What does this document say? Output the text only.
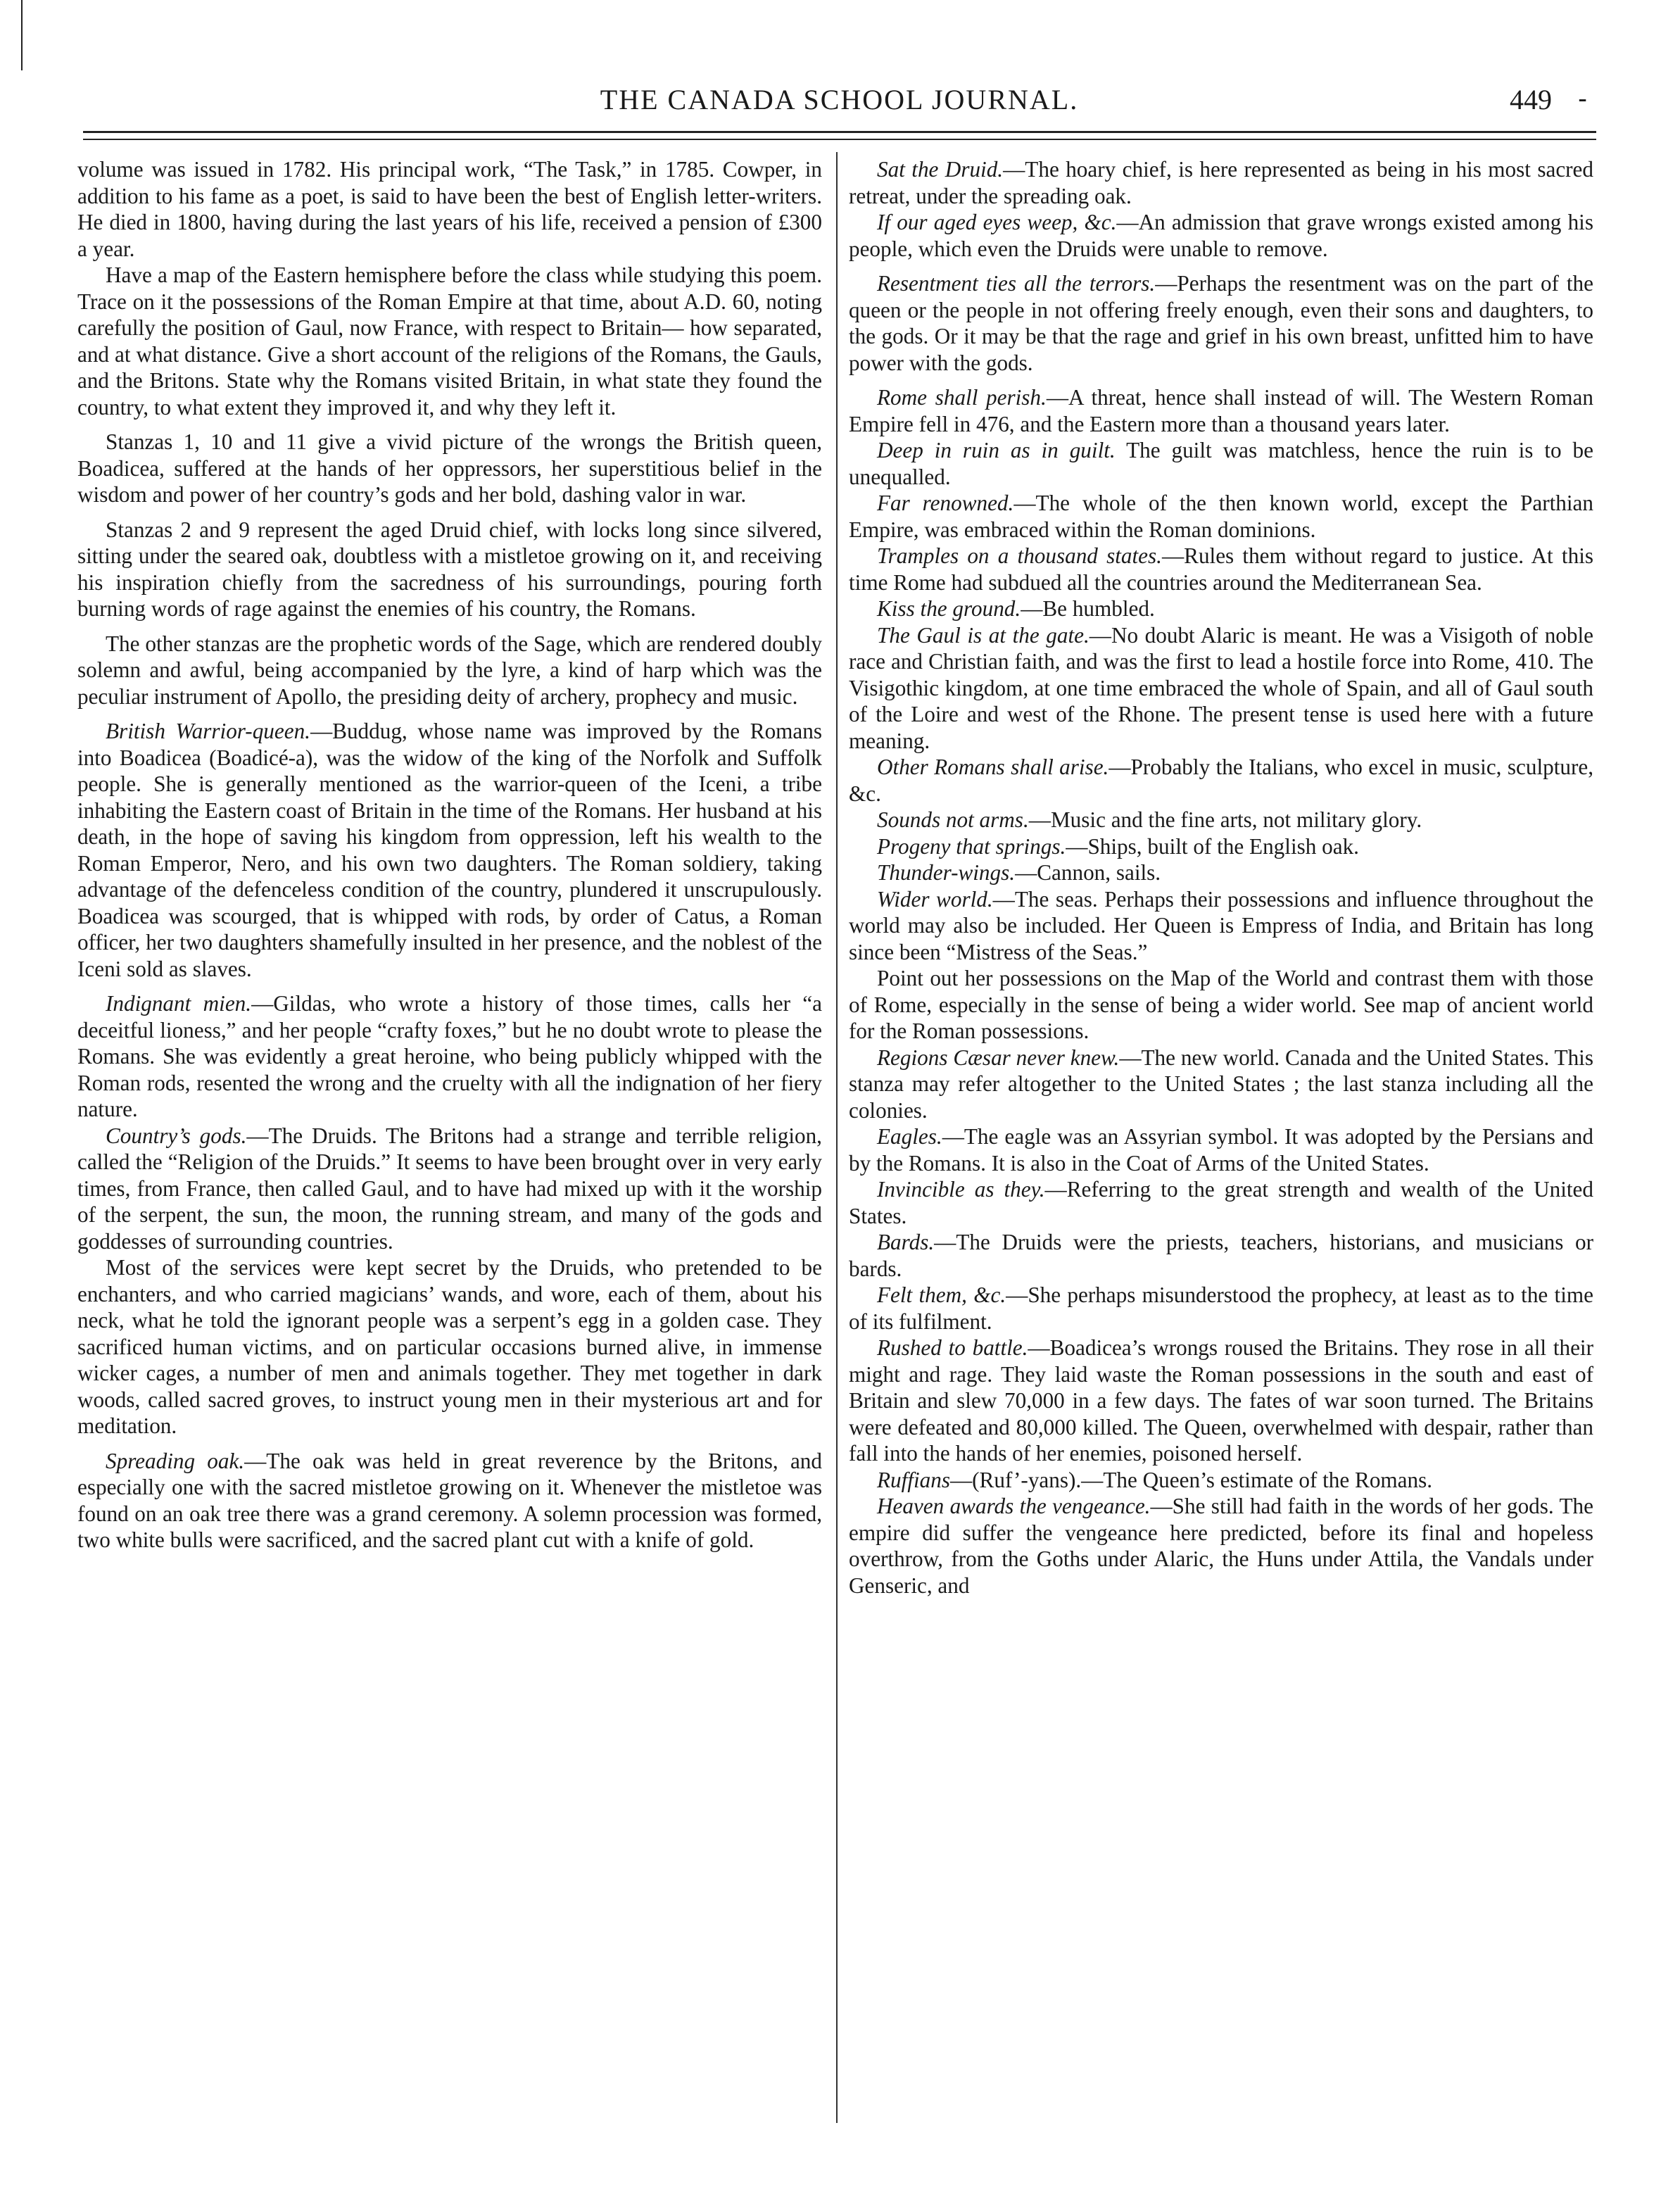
THE CANADA SCHOOL JOURNAL.	449 -

volume was issued in 1782. His principal work, “The Task,” in 1785. Cowper, in addition to his fame as a poet, is said to have been the best of English letter-writers. He died in 1800, having during the last years of his life, received a pension of £300 a year.

Have a map of the Eastern hemisphere before the class while studying this poem. Trace on it the possessions of the Roman Empire at that time, about A.D. 60, noting carefully the position of Gaul, now France, with respect to Britain— how separated, and at what distance. Give a short account of the religions of the Romans, the Gauls, and the Britons. State why the Romans visited Britain, in what state they found the country, to what extent they improved it, and why they left it.

Stanzas 1, 10 and 11 give a vivid picture of the wrongs the British queen, Boadicea, suffered at the hands of her oppressors, her superstitious belief in the wisdom and power of her country’s gods and her bold, dashing valor in war.

Stanzas 2 and 9 represent the aged Druid chief, with locks long since silvered, sitting under the seared oak, doubtless with a mistletoe growing on it, and receiving his inspiration chiefly from the sacredness of his surroundings, pouring forth burning words of rage against the enemies of his country, the Romans.

The other stanzas are the prophetic words of the Sage, which are rendered doubly solemn and awful, being accompanied by the lyre, a kind of harp which was the peculiar instrument of Apollo, the presiding deity of archery, prophecy and music.

British Warrior-queen.—Buddug, whose name was improved by the Romans into Boadicea (Boadicé-a), was the widow of the king of the Norfolk and Suffolk people. She is generally mentioned as the warrior-queen of the Iceni, a tribe inhabiting the Eastern coast of Britain in the time of the Romans. Her husband at his death, in the hope of saving his kingdom from oppression, left his wealth to the Roman Emperor, Nero, and his own two daughters. The Roman soldiery, taking advantage of the defenceless condition of the country, plundered it unscrupulously. Boadicea was scourged, that is whipped with rods, by order of Catus, a Roman officer, her two daughters shamefully insulted in her presence, and the noblest of the Iceni sold as slaves.

Indignant mien.—Gildas, who wrote a history of those times, calls her “a deceitful lioness,” and her people “crafty foxes,” but he no doubt wrote to please the Romans. She was evidently a great heroine, who being publicly whipped with the Roman rods, resented the wrong and the cruelty with all the indignation of her fiery nature.

Country’s gods.—The Druids. The Britons had a strange and terrible religion, called the “Religion of the Druids.” It seems to have been brought over in very early times, from France, then called Gaul, and to have had mixed up with it the worship of the serpent, the sun, the moon, the running stream, and many of the gods and goddesses of surrounding countries.

Most of the services were kept secret by the Druids, who pretended to be enchanters, and who carried magicians’ wands, and wore, each of them, about his neck, what he told the ignorant people was a serpent’s egg in a golden case. They sacrificed human victims, and on particular occasions burned alive, in immense wicker cages, a number of men and animals together. They met together in dark woods, called sacred groves, to instruct young men in their mysterious art and for meditation.

Spreading oak.—The oak was held in great reverence by the Britons, and especially one with the sacred mistletoe growing on it. Whenever the mistletoe was found on an oak tree there was a grand ceremony. A solemn procession was formed, two white bulls were sacrificed, and the sacred plant cut with a knife of gold.

Sat the Druid.—The hoary chief, is here represented as being in his most sacred retreat, under the spreading oak.

If our aged eyes weep, &c.—An admission that grave wrongs existed among his people, which even the Druids were unable to remove.

Resentment ties all the terrors.—Perhaps the resentment was on the part of the queen or the people in not offering freely enough, even their sons and daughters, to the gods. Or it may be that the rage and grief in his own breast, unfitted him to have power with the gods.

Rome shall perish.—A threat, hence shall instead of will. The Western Roman Empire fell in 476, and the Eastern more than a thousand years later.

Deep in ruin as in guilt. The guilt was matchless, hence the ruin is to be unequalled.

Far renowned.—The whole of the then known world, except the Parthian Empire, was embraced within the Roman dominions.

Tramples on a thousand states.—Rules them without regard to justice. At this time Rome had subdued all the countries around the Mediterranean Sea.

Kiss the ground.—Be humbled.

The Gaul is at the gate.—No doubt Alaric is meant. He was a Visigoth of noble race and Christian faith, and was the first to lead a hostile force into Rome, 410. The Visigothic kingdom, at one time embraced the whole of Spain, and all of Gaul south of the Loire and west of the Rhone. The present tense is used here with a future meaning.

Other Romans shall arise.—Probably the Italians, who excel in music, sculpture, &c.

Sounds not arms.—Music and the fine arts, not military glory.

Progeny that springs.—Ships, built of the English oak.

Thunder-wings.—Cannon, sails.

Wider world.—The seas. Perhaps their possessions and influence throughout the world may also be included. Her Queen is Empress of India, and Britain has long since been “Mistress of the Seas.”

Point out her possessions on the Map of the World and contrast them with those of Rome, especially in the sense of being a wider world. See map of ancient world for the Roman possessions.

Regions Cæsar never knew.—The new world. Canada and the United States. This stanza may refer altogether to the United States ; the last stanza including all the colonies.

Eagles.—The eagle was an Assyrian symbol. It was adopted by the Persians and by the Romans. It is also in the Coat of Arms of the United States.

Invincible as they.—Referring to the great strength and wealth of the United States.

Bards.—The Druids were the priests, teachers, historians, and musicians or bards.

Felt them, &c.—She perhaps misunderstood the prophecy, at least as to the time of its fulfilment.

Rushed to battle.—Boadicea’s wrongs roused the Britains. They rose in all their might and rage. They laid waste the Roman possessions in the south and east of Britain and slew 70,000 in a few days. The fates of war soon turned. The Britains were defeated and 80,000 killed. The Queen, overwhelmed with despair, rather than fall into the hands of her enemies, poisoned herself.

Ruffians—(Ruf’-yans).—The Queen’s estimate of the Romans.

Heaven awards the vengeance.—She still had faith in the words of her gods. The empire did suffer the vengeance here predicted, before its final and hopeless overthrow, from the Goths under Alaric, the Huns under Attila, the Vandals under Genseric, and
